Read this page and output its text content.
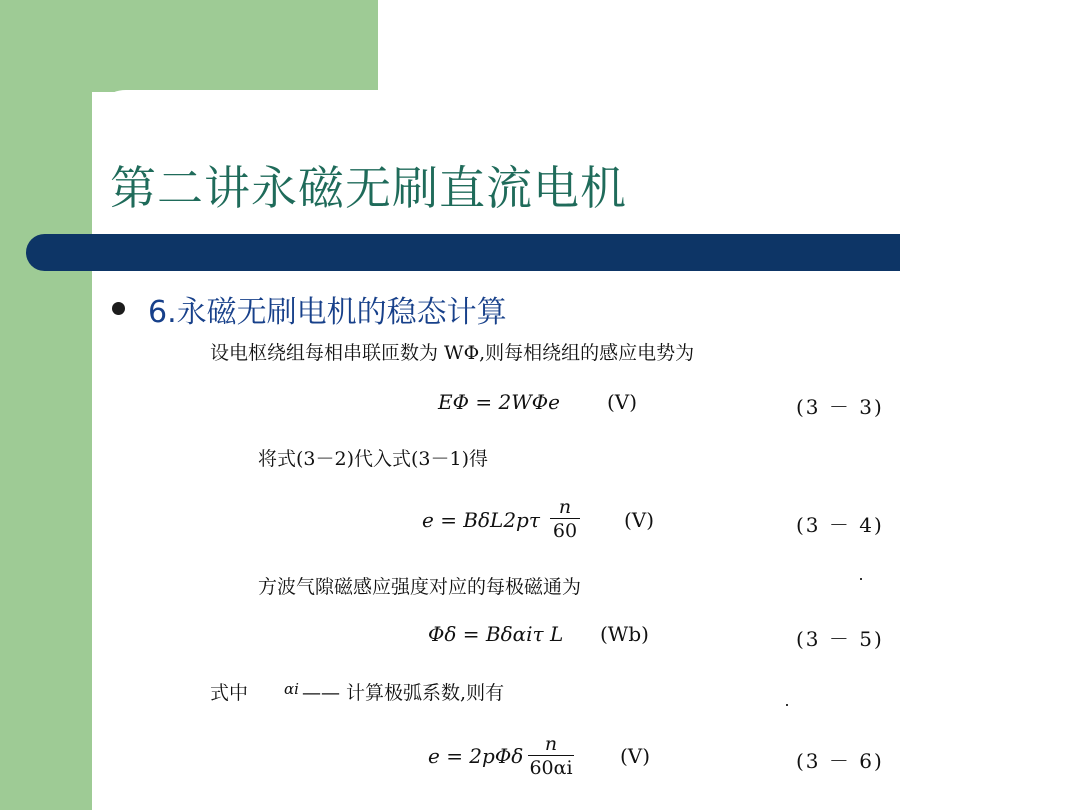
第二讲永磁无刷直流电机
6.永磁无刷电机的稳态计算
设电枢绕组每相串联匝数为 WΦ,则每相绕组的感应电势为
EΦ = 2WΦe (V)	(3 － 3)
将式(3－2)代入式(3－1)得
$e = B\delta L2p\tau \frac{n}{60} (V)$	(3 － 4)
方波气隙磁感应强度对应的每极磁通为
Φδ = Bδαiτ L (Wb)	(3 － 5)
式中 αi —— 计算极弧系数,则有
$e = 2p\Phi\delta \frac{n}{60\alpha i} (V)$	(3 － 6)
